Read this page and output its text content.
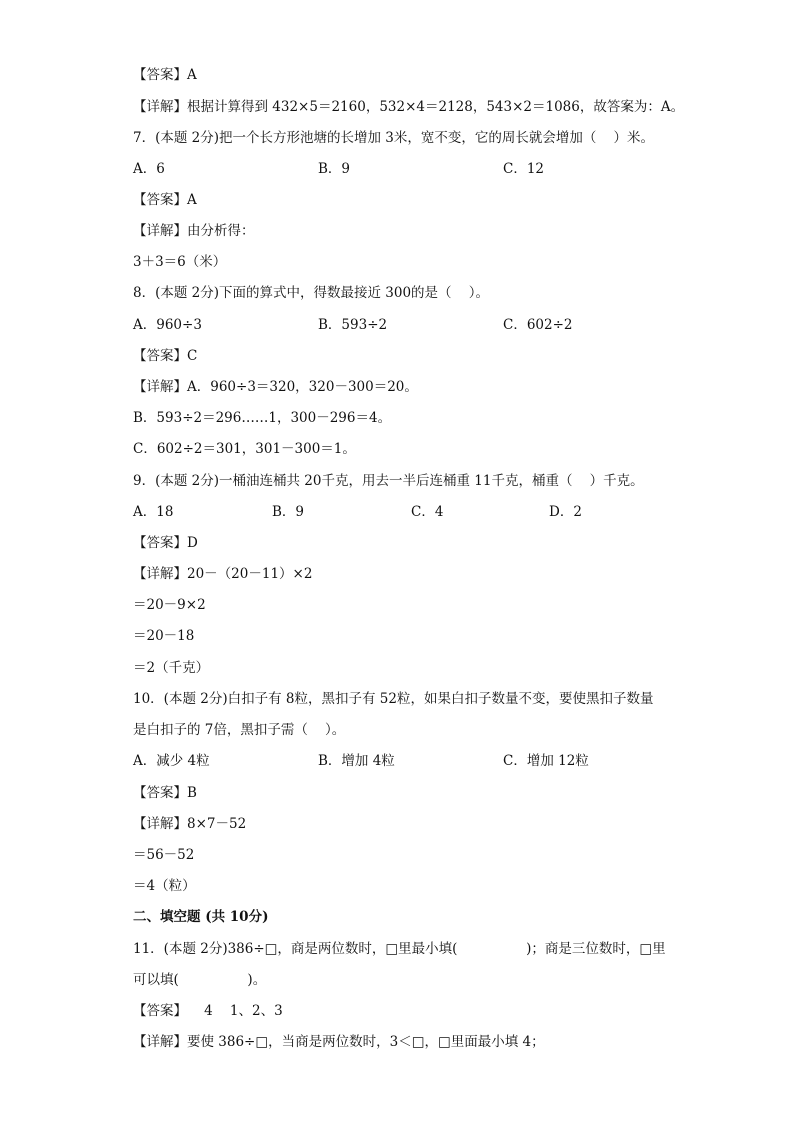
【答案】A
【详解】根据计算得到 432×5＝2160，532×4＝2128，543×2＝1086，故答案为：A。
7．(本题 2分)把一个长方形池塘的长增加 3米，宽不变，它的周长就会增加（    ）米。
A．6	B．9	C．12
【答案】A
【详解】由分析得：
3＋3＝6（米）
8．(本题 2分)下面的算式中，得数最接近 300的是（    ）。
A．960÷3	B．593÷2	C．602÷2
【答案】C
【详解】A．960÷3＝320，320－300＝20。
B．593÷2＝296……1，300－296＝4。
C．602÷2＝301，301－300＝1。
9．(本题 2分)一桶油连桶共 20千克，用去一半后连桶重 11千克，桶重（    ）千克。
A．18	B．9	C．4	D．2
【答案】D
【详解】20－（20－11）×2
＝20－9×2
＝20－18
＝2（千克）
10．(本题 2分)白扣子有 8粒，黑扣子有 52粒，如果白扣子数量不变，要使黑扣子数量
是白扣子的 7倍，黑扣子需（    ）。
A．减少 4粒	B．增加 4粒	C．增加 12粒
【答案】B
【详解】8×7－52
＝56－52
＝4（粒）
二、填空题 (共 10分)
11．(本题 2分)386÷□，商是两位数时，□里最小填(                )；商是三位数时，□里
可以填(                )。
【答案】    4    1、2、3
【详解】要使 386÷□，当商是两位数时，3＜□，□里面最小填 4；
